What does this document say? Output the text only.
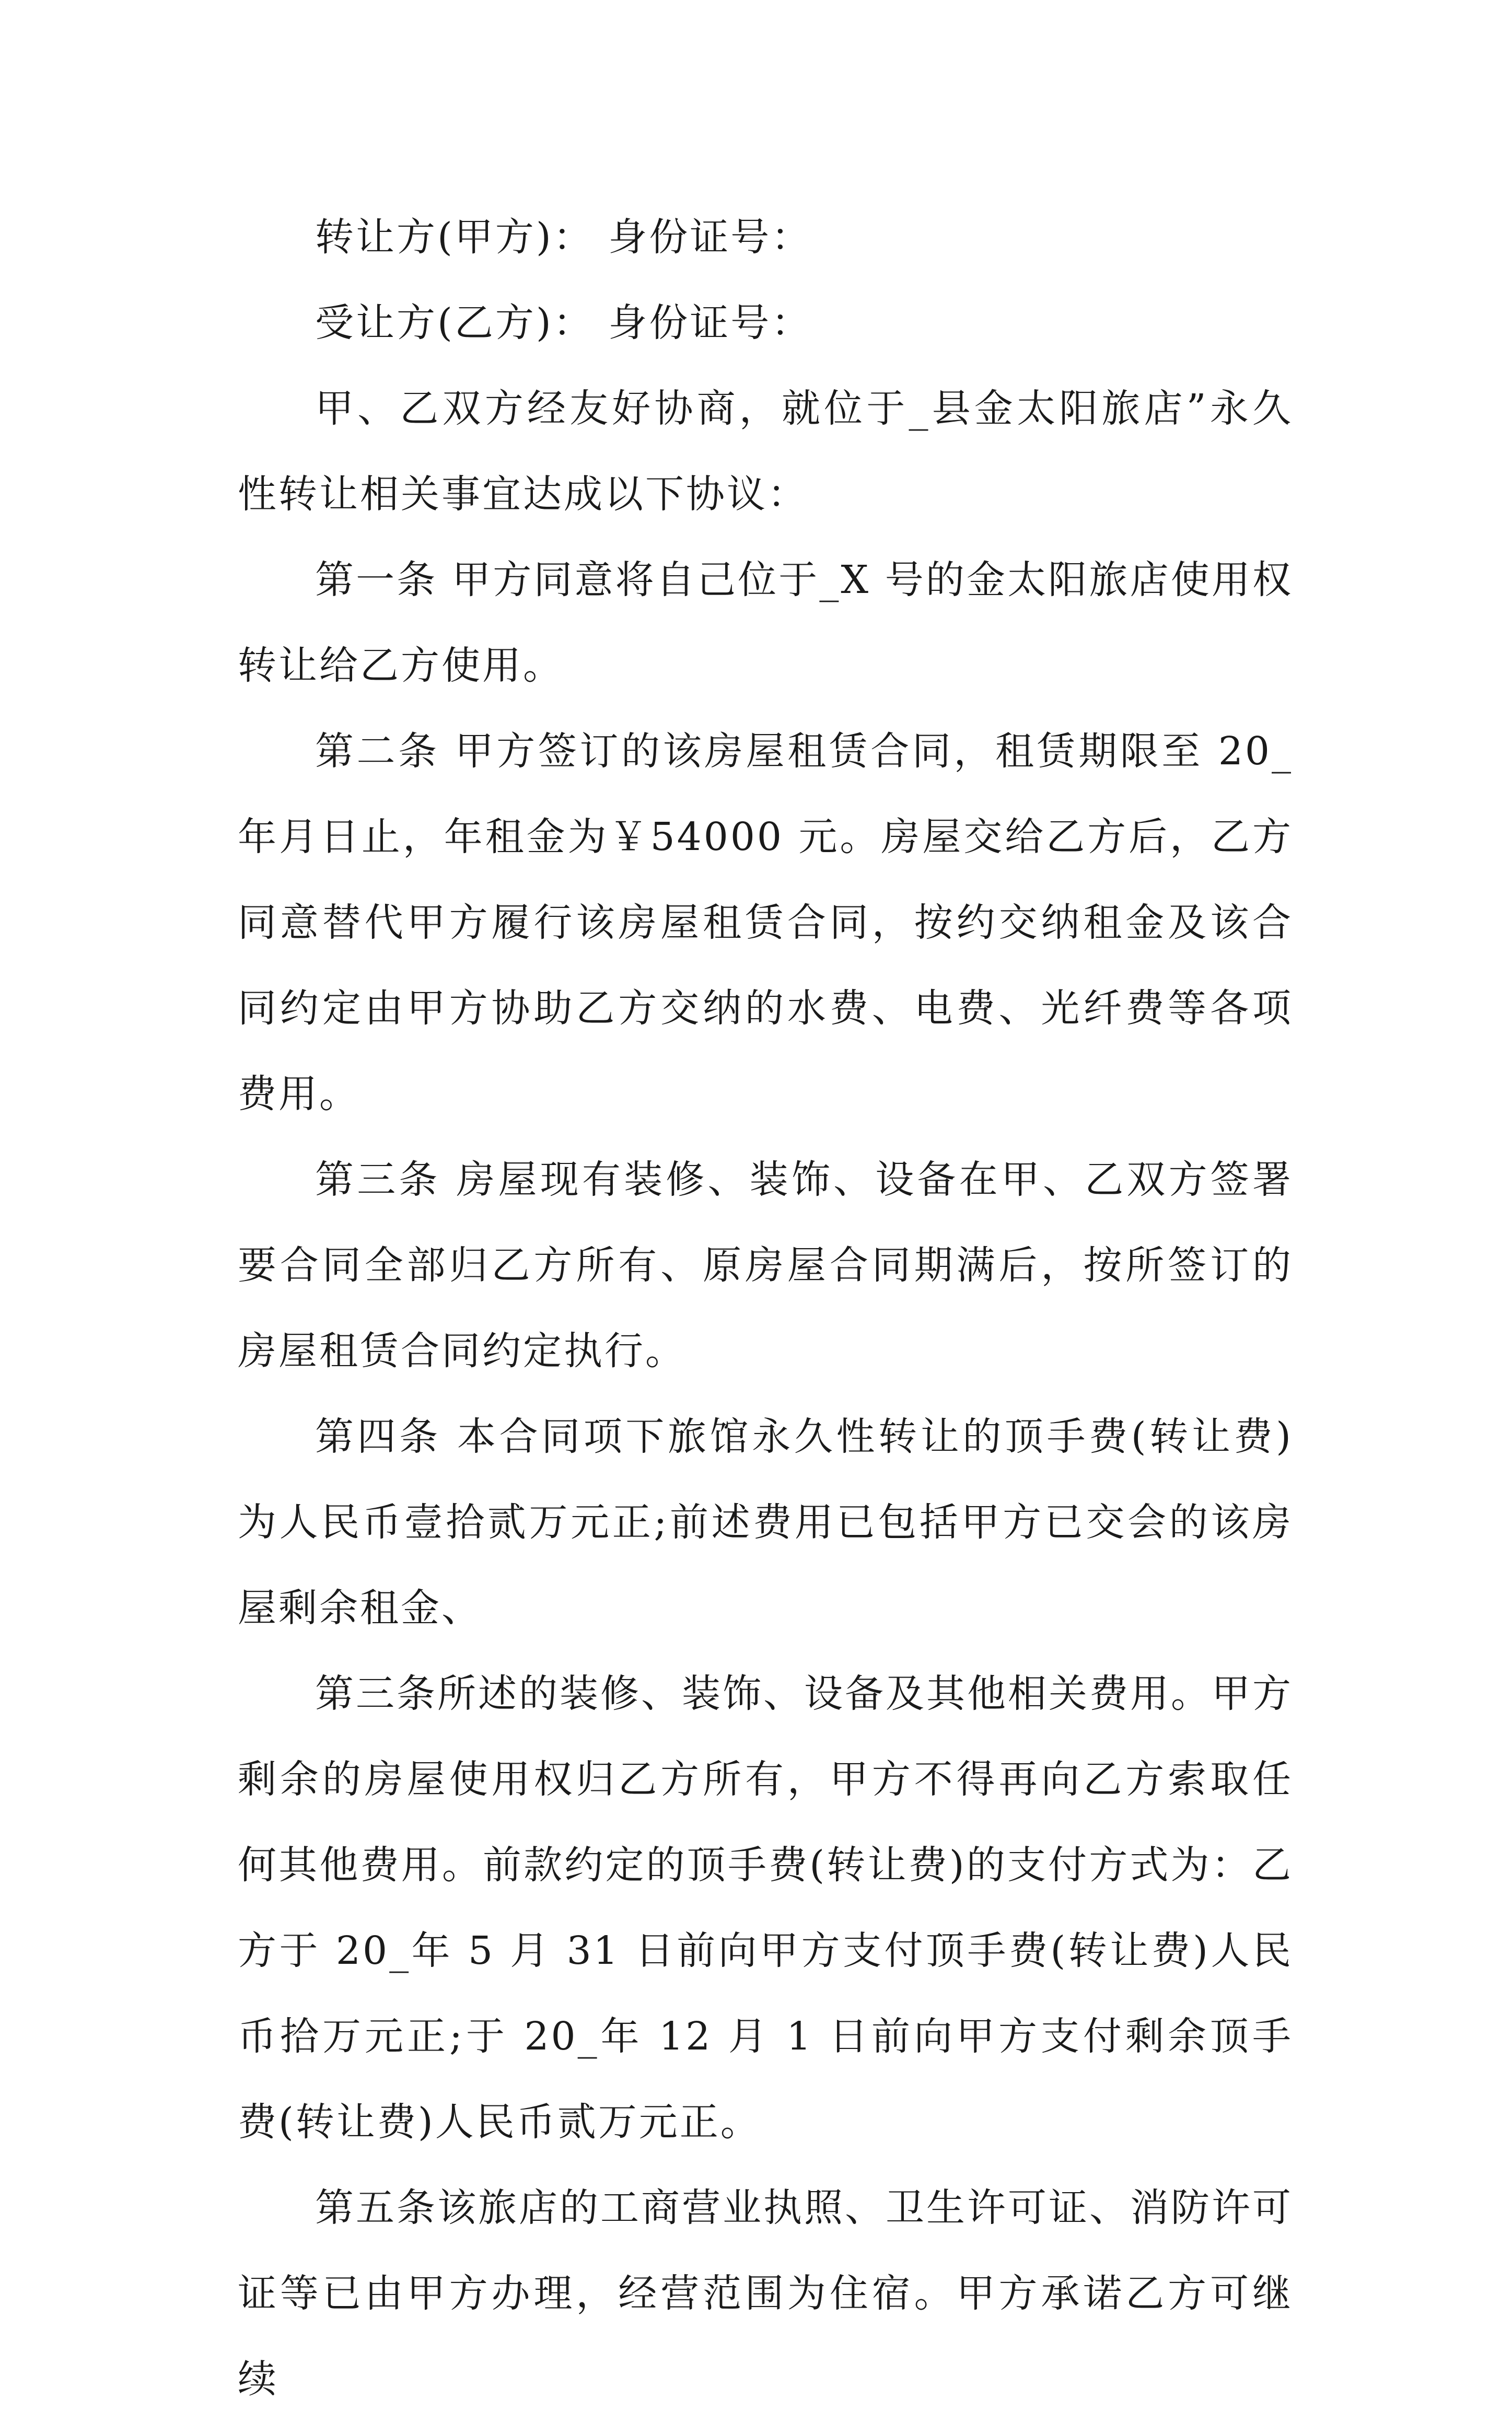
转让方(甲方)： 身份证号：

受让方(乙方)： 身份证号：

甲、乙双方经友好协商，就位于_县金太阳旅店”永久性转让相关事宜达成以下协议：

第一条 甲方同意将自己位于_X 号的金太阳旅店使用权转让给乙方使用。

第二条 甲方签订的该房屋租赁合同，租赁期限至 20_年月日止，年租金为￥54000 元。房屋交给乙方后，乙方同意替代甲方履行该房屋租赁合同，按约交纳租金及该合同约定由甲方协助乙方交纳的水费、电费、光纤费等各项费用。

第三条 房屋现有装修、装饰、设备在甲、乙双方签署要合同全部归乙方所有、原房屋合同期满后，按所签订的房屋租赁合同约定执行。

第四条 本合同项下旅馆永久性转让的顶手费(转让费)为人民币壹拾贰万元正;前述费用已包括甲方已交会的该房屋剩余租金、

第三条所述的装修、装饰、设备及其他相关费用。甲方剩余的房屋使用权归乙方所有，甲方不得再向乙方索取任何其他费用。前款约定的顶手费(转让费)的支付方式为：乙方于 20_年 5 月 31 日前向甲方支付顶手费(转让费)人民币拾万元正;于 20_年 12 月 1 日前向甲方支付剩余顶手费(转让费)人民币贰万元正。

第五条该旅店的工商营业执照、卫生许可证、消防许可证等已由甲方办理，经营范围为住宿。甲方承诺乙方可继续
